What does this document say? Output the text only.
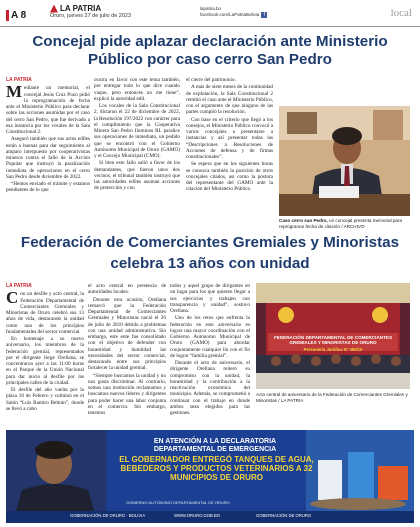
A 8
LA PATRIA
Oruro, jueves 27 de julio de 2023
lapatria.bo
facebook.com/LaPatriaBolivia f	local
Concejal pide aplazar declaración ante Ministerio Público por caso cerro San Pedro
LA PATRIA

Mediante un memorial, el concejal Jesús Cruz Pozo pidió la reprogramación de fecha ante el Ministerio Público para declarar sobre las acciones asumidas por el caso del cerro San Pedro, que fue derivado a esa instancia por los vocales de la Sala Constitucional 2.

Aseguró también que sus actos ediles están a buenas para dar seguimiento al amparo interpuesto por cooperativistas mineros contra el fallo de la Acción Popular que instruyó la paralización inmediata de operaciones en el cerro San Pedro desde diciembre de 2022.

“Hemos enviado el trámite y estamos pendientes de lo que

ocurra en favor con este tema también, por entregar todo lo que dice cuando vaque, pero entonces no me tiene”, explicó la autoridad edil.

Los vocales de la Sala Constitucional 2, dictaron el 22 de diciembre de 2022, la Resolución 197/2022 con carácter para el cumplimiento que la Cooperativa Minera San Pedro Iluminos RL paralice sus operaciones de inmediato, un pedido que se encontró con el Gobierno Autónomo Municipal de Oruro (GAMO) y el Concejo Municipal (CMO).

Si bien este fallo salió a favor de los demandantes, que fueron unos dos vecinos, el tribunal también instruyó que las autoridades ediles asuman acciones de protección y con

el cierre del patrimonio.

A más de siete meses de la continuidad de explotación, la Sala Constitucional 2 remitió el caso ante el Ministerio Público, con el argumento de que ninguno de las partes cumplió la resolución.

Con base en el criterio que llegó a los consejos, el Ministerio Público convocó a varios concejales a presentarse a instancias y así presentar todas las “Descripciones a Resoluciones de Acciones de defensa y de firmas constitucionales”.

Se espera que en los siguientes horas se conozca también la posición de otros concejales citados, así como la postura del representante del GAMO ante la citación del Ministerio Público.

Caso cerro san Pedro, un concejal presenta memorial para reprogramar fecha de citación / ARCHIVO
Federación de Comerciantes Gremiales y Minoristas celebra 13 años con unidad
LA PATRIA

Con un desfile y acto central, la Federación Departamental de Comerciantes Gremiales y Minoristas de Oruro celebró sus 13 años de vida, destacando la unidad como una de los principios fundamentales del sector comercial.

En homenaje a su nuevo aniversario, los miembros de la federación gremial, representados por el dirigente Jorge Orellana, se concentraron ayer a las 11:00 horas en el Parque de la Unión Nacional para dar inicio al desfile por las principales calles de la ciudad.

El desfile del año vuelta por la plaza 10 de Febrero y culminó en el Salón “Luis Ramiro Beltrán”, donde se llevó a cabo

el acto central en presencia de autoridades locales.

Durante esta ocasión, Orellana remarcó que la Federación Departamental de Comerciantes Gremiales y Minoristas nació el 26 de julio de 2010 debido a problemas con una unidad administrativa. Sin embargo, este ente fue consolidado con el objetivo de defender con honestidad y humildad las necesidades del sector comercial, destacando entre sus principios fortalecer la unidad gremial.

“Siempre buscamos la unidad y no nos gusta discriminar. Al contrario, somos una institución reclamamos y buscamos nuevos líderes y dirigentes para poder hacer una labor conjunta en el comercio. Sin embargo, tenemos

todos y aquel grupo de dirigentes en un lugar para los que quieren llegar a sus ejercicios y trabajen con transparencia y unidad”, sostuvo Orellana.

Uno de los retos que enfrenta la federación en este aniversario es lograr una mayor coordinación con el Gobierno Autónomo Municipal de Oruro (GAMO) para abordar conjuntamente cualquier lío con el fin de lograr “familia gremial”.

Durante el acto de aniversario, el dirigente Orellana reiteró su compromiso con la unidad, la honestidad y la contribución a la reactivación económica del municipio. Además, se comprometió a continuar con el trabajo en donde ambos sean elegidos para las gestiones.

FEDERACIÓN DEPARTAMENTAL DE COMERCIANTES GREMIALES Y MINORISTAS DE ORURO
Personería Jurídica N° 450/10
Acto central de aniversario de la Federación de Comerciantes Gremiales y Minoristas / LA PATRIA
EN ATENCIÓN A LA DECLARATORIA DEPARTAMENTAL DE EMERGENCIA
EL GOBERNADOR ENTREGÓ TANQUES DE AGUA, BEBEDEROS Y PRODUCTOS VETERINARIOS A 32 MUNICIPIOS DE ORURO
GOBERNACIÓN DE ORURO · BOLIVIA	WWW.ORURO.GOB.BO	GOBERNACIÓN DE ORURO
GOBIERNO AUTÓNOMO DEPARTAMENTAL DE ORURO
